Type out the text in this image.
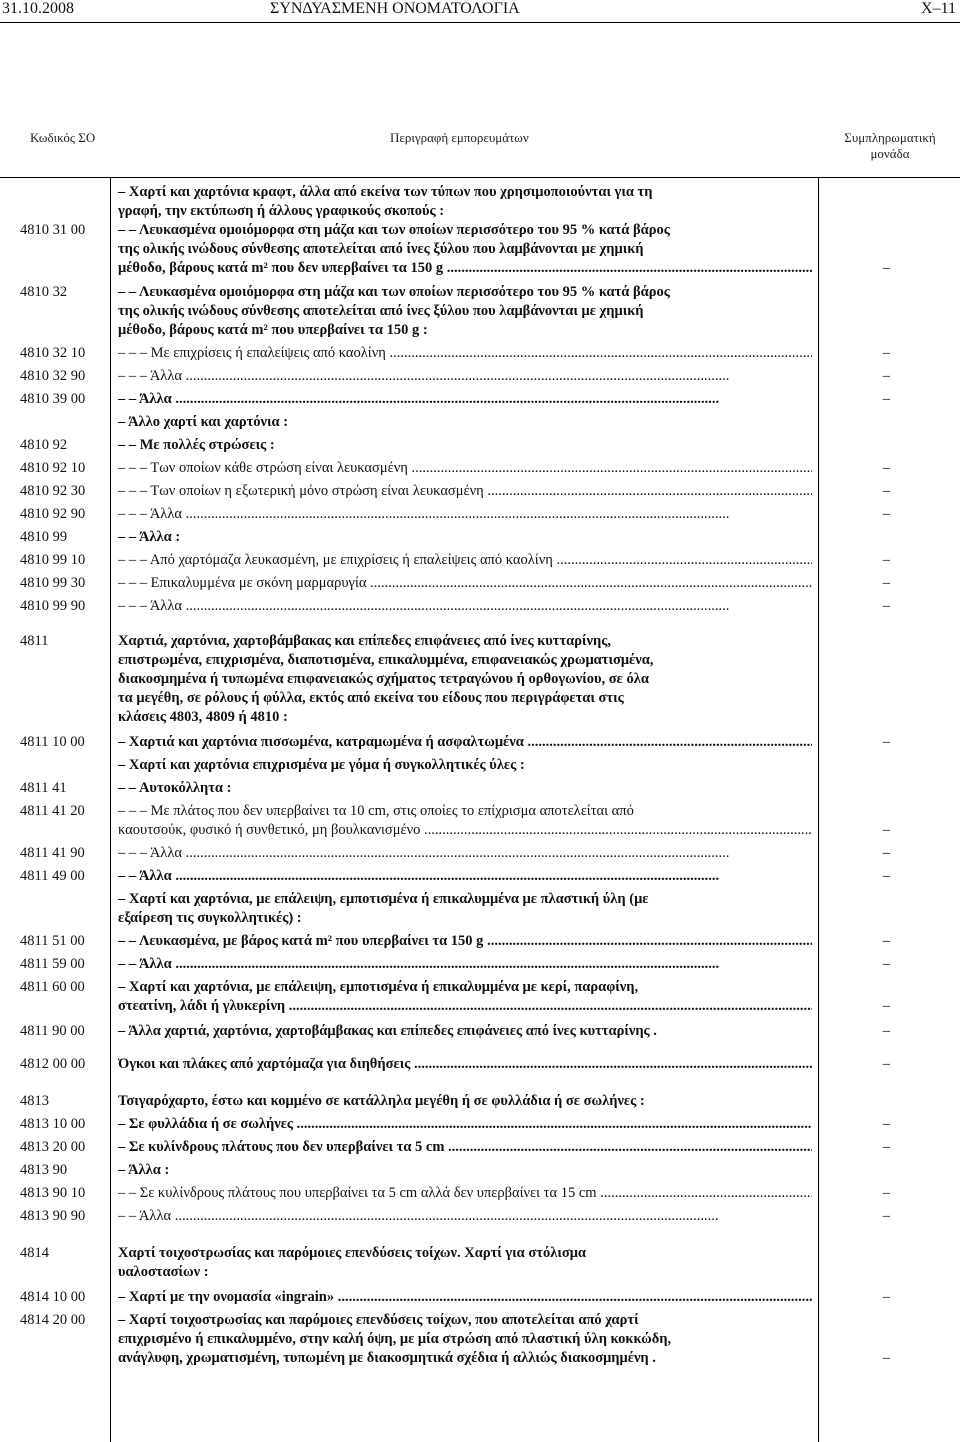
31.10.2008	ΣΥΝΔΥΑΣΜΕΝΗ ΟΝΟΜΑΤΟΛΟΓΙΑ	X–11
Κωδικός ΣΟ	Περιγραφή εμπορευμάτων	Συμπληρωματική
μονάδα
– Χαρτί και χαρτόνια κραφτ, άλλα από εκείνα των τύπων που χρησιμοποιούνται για τη
γραφή, την εκτύπωση ή άλλους γραφικούς σκοπούς :
4810 31 00	– – Λευκασμένα ομοιόμορφα στη μάζα και των οποίων περισσότερο του 95 % κατά βάρος
της ολικής ινώδους σύνθεσης αποτελείται από ίνες ξύλου που λαμβάνονται με χημική
μέθοδο, βάρους κατά m² που δεν υπερβαίνει τα 150 g .....	–
4810 32	– – Λευκασμένα ομοιόμορφα στη μάζα και των οποίων περισσότερο του 95 % κατά βάρος
της ολικής ινώδους σύνθεσης αποτελείται από ίνες ξύλου που λαμβάνονται με χημική
μέθοδο, βάρους κατά m² που υπερβαίνει τα 150 g :
4810 32 10	– – – Με επιχρίσεις ή επαλείψεις από καολίνη .....	–
4810 32 90	– – – Άλλα .....	–
4810 39 00	– – Άλλα .....	–
– Άλλο χαρτί και χαρτόνια :
4810 92	– – Με πολλές στρώσεις :
4810 92 10	– – – Των οποίων κάθε στρώση είναι λευκασμένη .....	–
4810 92 30	– – – Των οποίων η εξωτερική μόνο στρώση είναι λευκασμένη .....	–
4810 92 90	– – – Άλλα .....	–
4810 99	– – Άλλα :
4810 99 10	– – – Από χαρτόμαζα λευκασμένη, με επιχρίσεις ή επαλείψεις από καολίνη .....	–
4810 99 30	– – – Επικαλυμμένα με σκόνη μαρμαρυγία .....	–
4810 99 90	– – – Άλλα .....	–
4811	Χαρτιά, χαρτόνια, χαρτοβάμβακας και επίπεδες επιφάνειες από ίνες κυτταρίνης,
επιστρωμένα, επιχρισμένα, διαποτισμένα, επικαλυμμένα, επιφανειακώς χρωματισμένα,
διακοσμημένα ή τυπωμένα επιφανειακώς σχήματος τετραγώνου ή ορθογωνίου, σε όλα
τα μεγέθη, σε ρόλους ή φύλλα, εκτός από εκείνα του είδους που περιγράφεται στις
κλάσεις 4803, 4809 ή 4810 :
4811 10 00	– Χαρτιά και χαρτόνια πισσωμένα, κατραμωμένα ή ασφαλτωμένα .....	–
– Χαρτί και χαρτόνια επιχρισμένα με γόμα ή συγκολλητικές ύλες :
4811 41	– – Αυτοκόλλητα :
4811 41 20	– – – Με πλάτος που δεν υπερβαίνει τα 10 cm, στις οποίες το επίχρισμα αποτελείται από
καουτσούκ, φυσικό ή συνθετικό, μη βουλκανισμένο .....	–
4811 41 90	– – – Άλλα .....	–
4811 49 00	– – Άλλα .....	–
– Χαρτί και χαρτόνια, με επάλειψη, εμποτισμένα ή επικαλυμμένα με πλαστική ύλη (με
εξαίρεση τις συγκολλητικές) :
4811 51 00	– – Λευκασμένα, με βάρος κατά m² που υπερβαίνει τα 150 g .....	–
4811 59 00	– – Άλλα .....	–
4811 60 00	– Χαρτί και χαρτόνια, με επάλειψη, εμποτισμένα ή επικαλυμμένα με κερί, παραφίνη,
στεατίνη, λάδι ή γλυκερίνη .....	–
4811 90 00	– Άλλα χαρτιά, χαρτόνια, χαρτοβάμβακας και επίπεδες επιφάνειες από ίνες κυτταρίνης .	–
4812 00 00	Όγκοι και πλάκες από χαρτόμαζα για διηθήσεις .....	–
4813	Τσιγαρόχαρτο, έστω και κομμένο σε κατάλληλα μεγέθη ή σε φυλλάδια ή σε σωλήνες :
4813 10 00	– Σε φυλλάδια ή σε σωλήνες .....	–
4813 20 00	– Σε κυλίνδρους πλάτους που δεν υπερβαίνει τα 5 cm .....	–
4813 90	– Άλλα :
4813 90 10	– – Σε κυλίνδρους πλάτους που υπερβαίνει τα 5 cm αλλά δεν υπερβαίνει τα 15 cm .....	–
4813 90 90	– – Άλλα .....	–
4814	Χαρτί τοιχοστρωσίας και παρόμοιες επενδύσεις τοίχων. Χαρτί για στόλισμα
υαλοστασίων :
4814 10 00	– Χαρτί με την ονομασία «ingrain» .....	–
4814 20 00	– Χαρτί τοιχοστρωσίας και παρόμοιες επενδύσεις τοίχων, που αποτελείται από χαρτί
επιχρισμένο ή επικαλυμμένο, στην καλή όψη, με μία στρώση από πλαστική ύλη κοκκώδη,
ανάγλυφη, χρωματισμένη, τυπωμένη με διακοσμητικά σχέδια ή αλλιώς διακοσμημένη .	–
